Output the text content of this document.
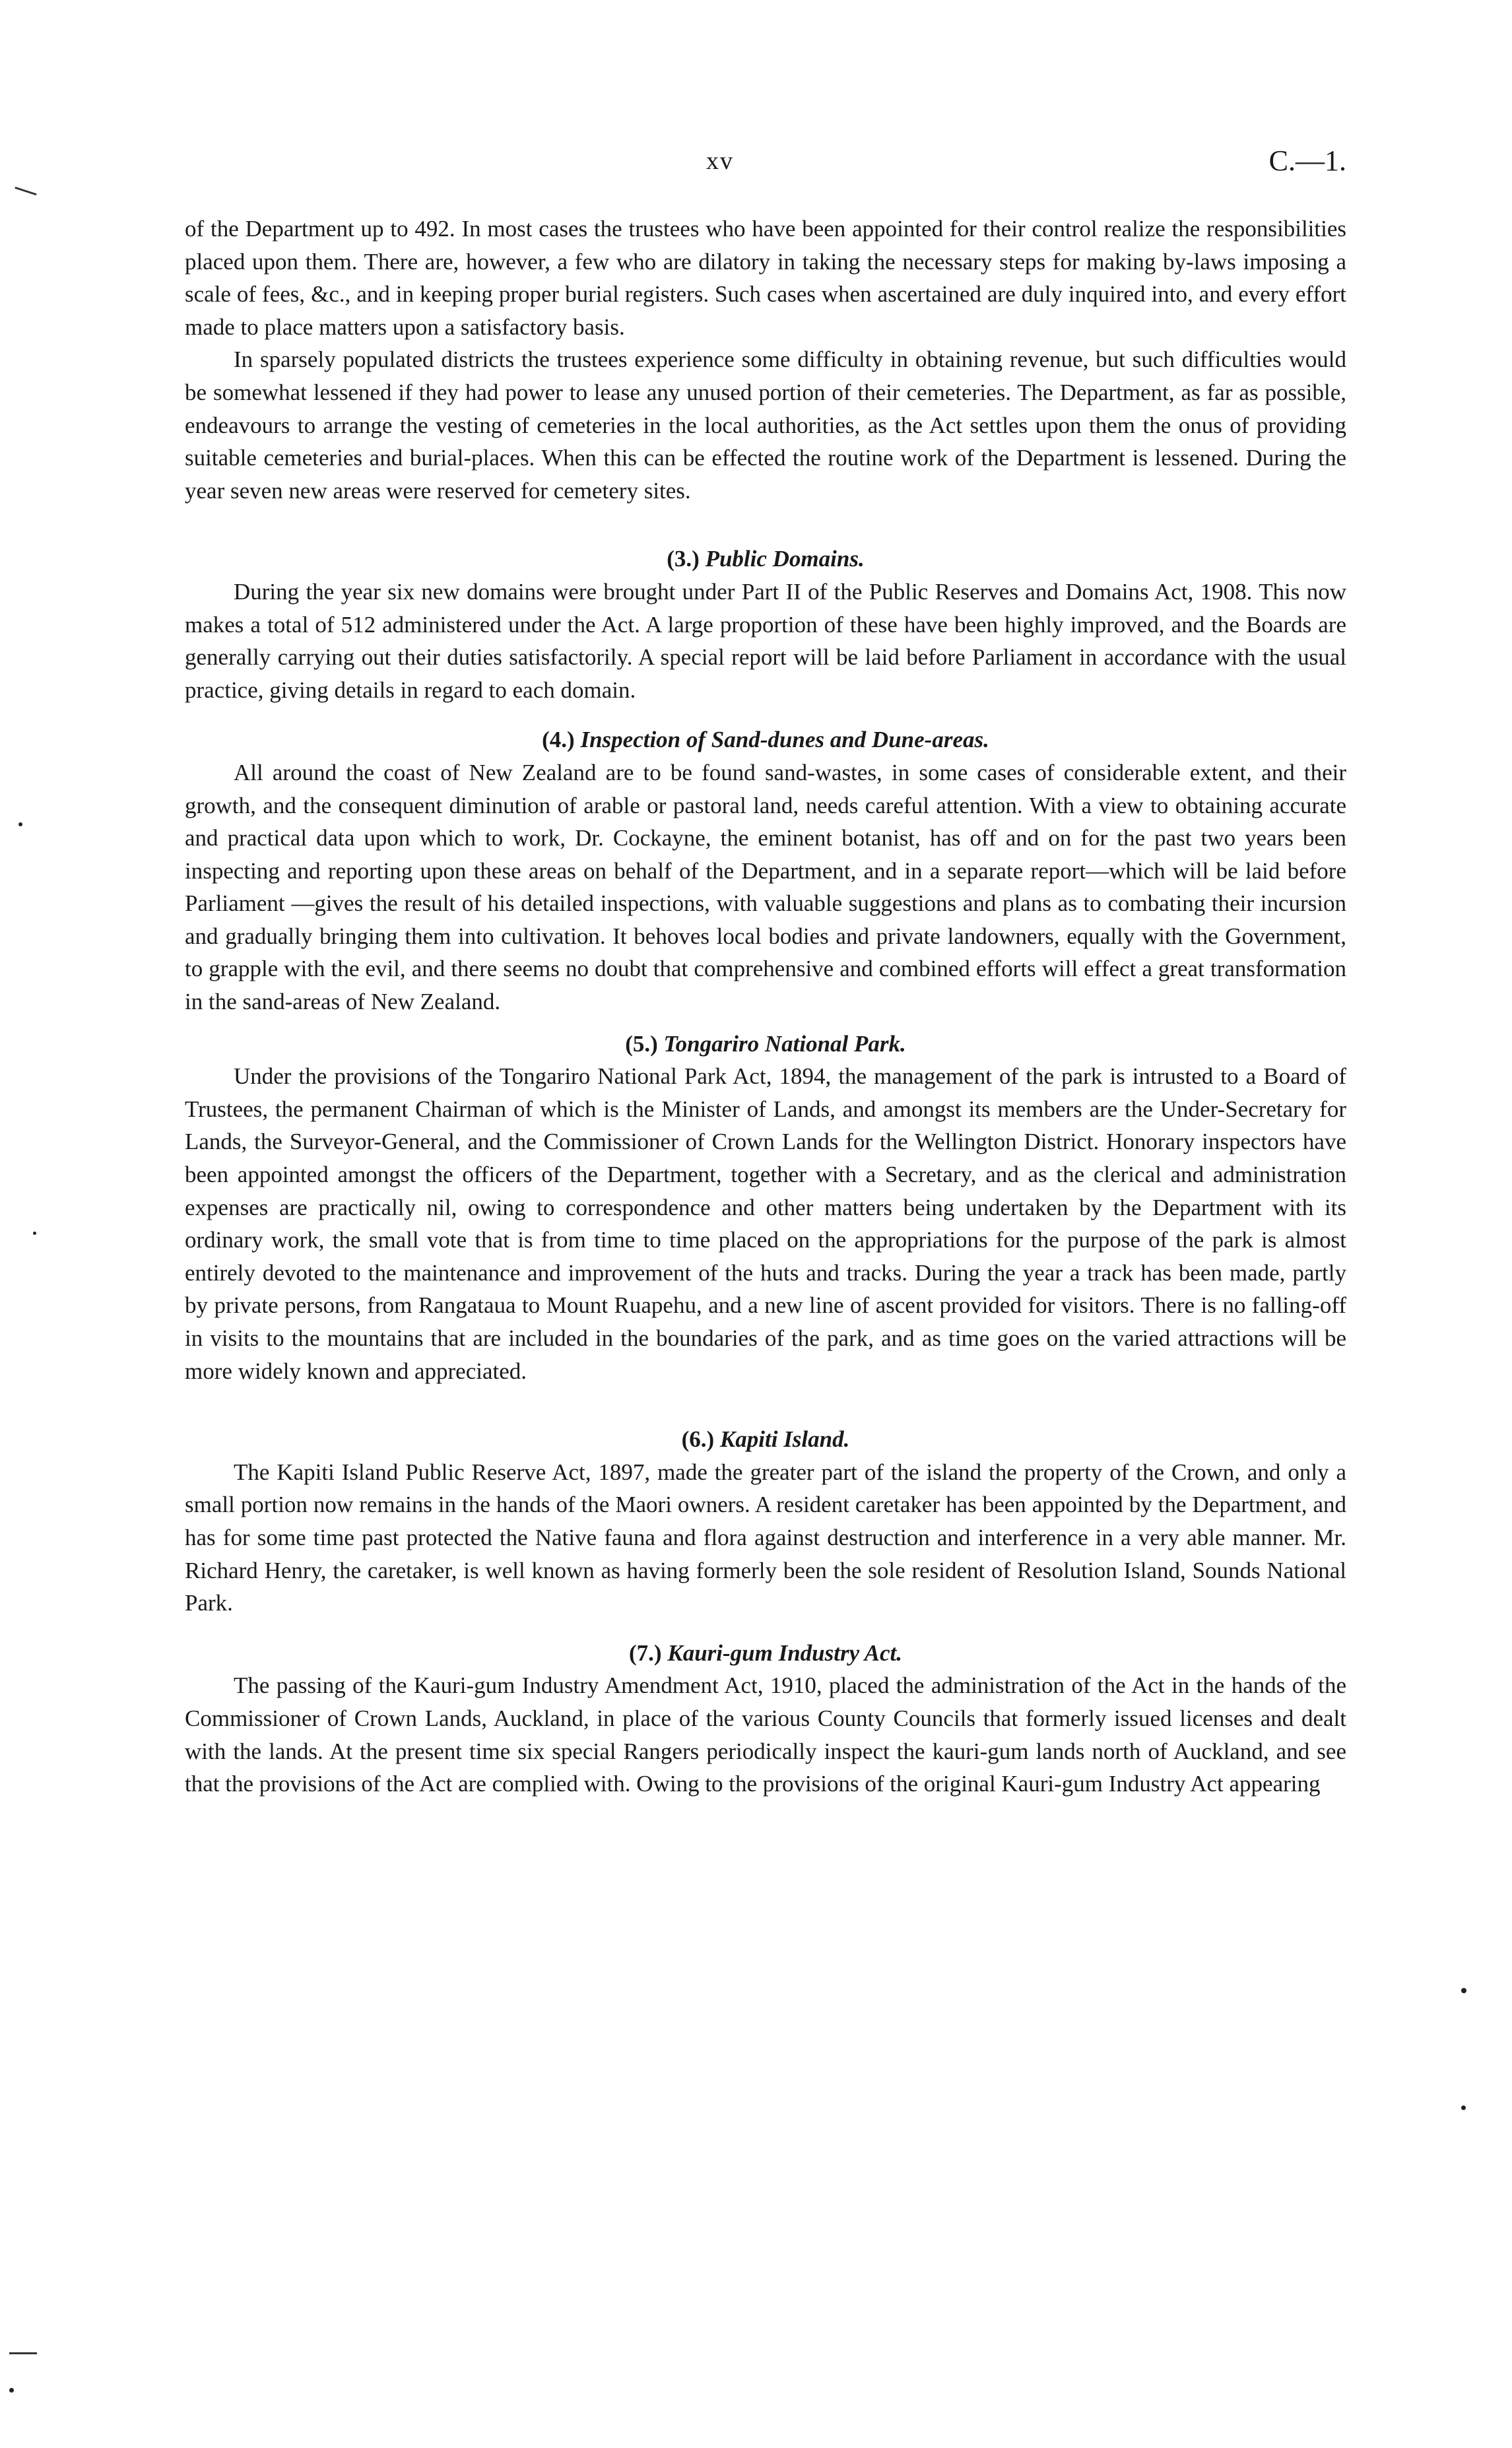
xv	C.—1.

of the Department up to 492. In most cases the trustees who have been appointed for their control realize the responsibilities placed upon them. There are, however, a few who are dilatory in taking the necessary steps for making by-laws imposing a scale of fees, &c., and in keeping proper burial registers. Such cases when ascertained are duly inquired into, and every effort made to place matters upon a satisfactory basis.

In sparsely populated districts the trustees experience some difficulty in obtaining revenue, but such difficulties would be somewhat lessened if they had power to lease any unused portion of their cemeteries. The Department, as far as possible, endeavours to arrange the vesting of cemeteries in the local authorities, as the Act settles upon them the onus of providing suitable cemeteries and burial-places. When this can be effected the routine work of the Department is lessened. During the year seven new areas were reserved for cemetery sites.

(3.) Public Domains.

During the year six new domains were brought under Part II of the Public Reserves and Domains Act, 1908. This now makes a total of 512 administered under the Act. A large proportion of these have been highly improved, and the Boards are generally carrying out their duties satisfactorily. A special report will be laid before Parliament in accordance with the usual practice, giving details in regard to each domain.

(4.) Inspection of Sand-dunes and Dune-areas.

All around the coast of New Zealand are to be found sand-wastes, in some cases of considerable extent, and their growth, and the consequent diminution of arable or pastoral land, needs careful attention. With a view to obtaining accurate and practical data upon which to work, Dr. Cockayne, the eminent botanist, has off and on for the past two years been inspecting and reporting upon these areas on behalf of the Department, and in a separate report—which will be laid before Parliament —gives the result of his detailed inspections, with valuable suggestions and plans as to combating their incursion and gradually bringing them into cultivation. It behoves local bodies and private landowners, equally with the Government, to grapple with the evil, and there seems no doubt that comprehensive and combined efforts will effect a great transformation in the sand-areas of New Zealand.

(5.) Tongariro National Park.

Under the provisions of the Tongariro National Park Act, 1894, the management of the park is intrusted to a Board of Trustees, the permanent Chairman of which is the Minister of Lands, and amongst its members are the Under-Secretary for Lands, the Surveyor-General, and the Commissioner of Crown Lands for the Wellington District. Honorary inspectors have been appointed amongst the officers of the Department, together with a Secretary, and as the clerical and administration expenses are practically nil, owing to correspondence and other matters being undertaken by the Department with its ordinary work, the small vote that is from time to time placed on the appropriations for the purpose of the park is almost entirely devoted to the maintenance and improvement of the huts and tracks. During the year a track has been made, partly by private persons, from Rangataua to Mount Ruapehu, and a new line of ascent provided for visitors. There is no falling-off in visits to the mountains that are included in the boundaries of the park, and as time goes on the varied attractions will be more widely known and appreciated.

(6.) Kapiti Island.

The Kapiti Island Public Reserve Act, 1897, made the greater part of the island the property of the Crown, and only a small portion now remains in the hands of the Maori owners. A resident caretaker has been appointed by the Department, and has for some time past protected the Native fauna and flora against destruction and interference in a very able manner. Mr. Richard Henry, the caretaker, is well known as having formerly been the sole resident of Resolution Island, Sounds National Park.

(7.) Kauri-gum Industry Act.

The passing of the Kauri-gum Industry Amendment Act, 1910, placed the administration of the Act in the hands of the Commissioner of Crown Lands, Auckland, in place of the various County Councils that formerly issued licenses and dealt with the lands. At the present time six special Rangers periodically inspect the kauri-gum lands north of Auckland, and see that the provisions of the Act are complied with. Owing to the provisions of the original Kauri-gum Industry Act appearing
